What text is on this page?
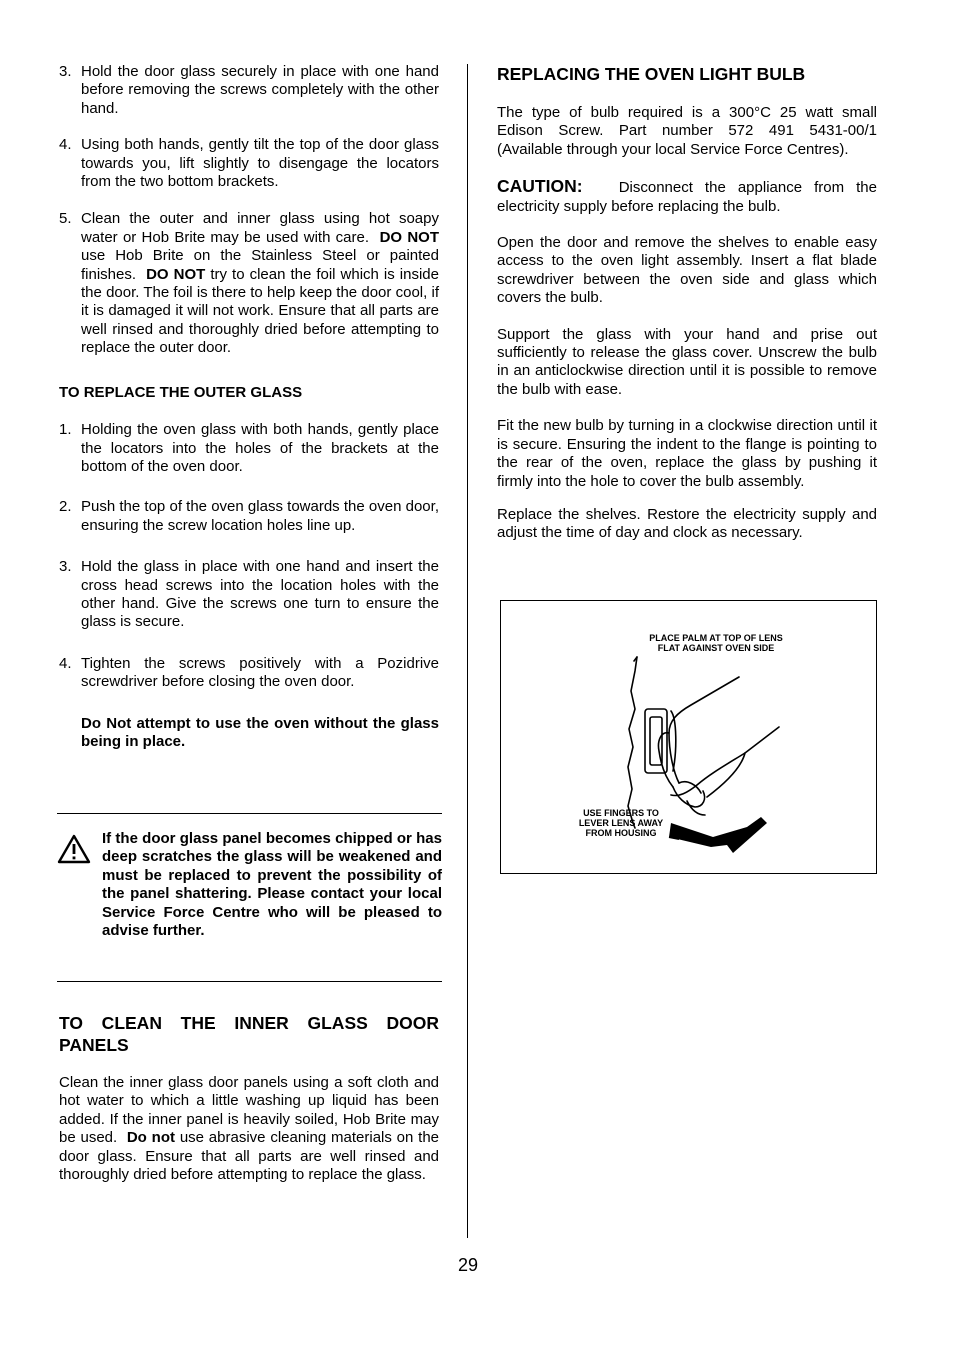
3. Hold the door glass securely in place with one hand before removing the screws completely with the other hand.
4. Using both hands, gently tilt the top of the door glass towards you, lift slightly to disengage the locators from the two bottom brackets.
5. Clean the outer and inner glass using hot soapy water or Hob Brite may be used with care. DO NOT use Hob Brite on the Stainless Steel or painted finishes. DO NOT try to clean the foil which is inside the door. The foil is there to help keep the door cool, if it is damaged it will not work. Ensure that all parts are well rinsed and thoroughly dried before attempting to replace the outer door.
TO REPLACE THE OUTER GLASS
1. Holding the oven glass with both hands, gently place the locators into the holes of the brackets at the bottom of the oven door.
2. Push the top of the oven glass towards the oven door, ensuring the screw location holes line up.
3. Hold the glass in place with one hand and insert the cross head screws into the location holes with the other hand. Give the screws one turn to ensure the glass is secure.
4. Tighten the screws positively with a Pozidrive screwdriver before closing the oven door.
Do Not attempt to use the oven without the glass being in place.
If the door glass panel becomes chipped or has deep scratches the glass will be weakened and must be replaced to prevent the possibility of the panel shattering. Please contact your local Service Force Centre who will be pleased to advise further.
TO CLEAN THE INNER GLASS DOOR PANELS

Clean the inner glass door panels using a soft cloth and hot water to which a little washing up liquid has been added. If the inner panel is heavily soiled, Hob Brite may be used. Do not use abrasive cleaning materials on the door glass. Ensure that all parts are well rinsed and thoroughly dried before attempting to replace the glass.

REPLACING THE OVEN LIGHT BULB

The type of bulb required is a 300°C 25 watt small Edison Screw. Part number 572 491 5431-00/1 (Available through your local Service Force Centres).

CAUTION: Disconnect the appliance from the electricity supply before replacing the bulb.

Open the door and remove the shelves to enable easy access to the oven light assembly. Insert a flat blade screwdriver between the oven side and glass which covers the bulb.

Support the glass with your hand and prise out sufficiently to release the glass cover. Unscrew the bulb in an anticlockwise direction until it is possible to remove the bulb with ease.

Fit the new bulb by turning in a clockwise direction until it is secure. Ensuring the indent to the flange is pointing to the rear of the oven, replace the glass by pushing it firmly into the hole to cover the bulb assembly.

Replace the shelves. Restore the electricity supply and adjust the time of day and clock as necessary.

PLACE PALM AT TOP OF LENS
FLAT AGAINST OVEN SIDE
USE FINGERS TO
LEVER LENS AWAY
FROM HOUSING
29
